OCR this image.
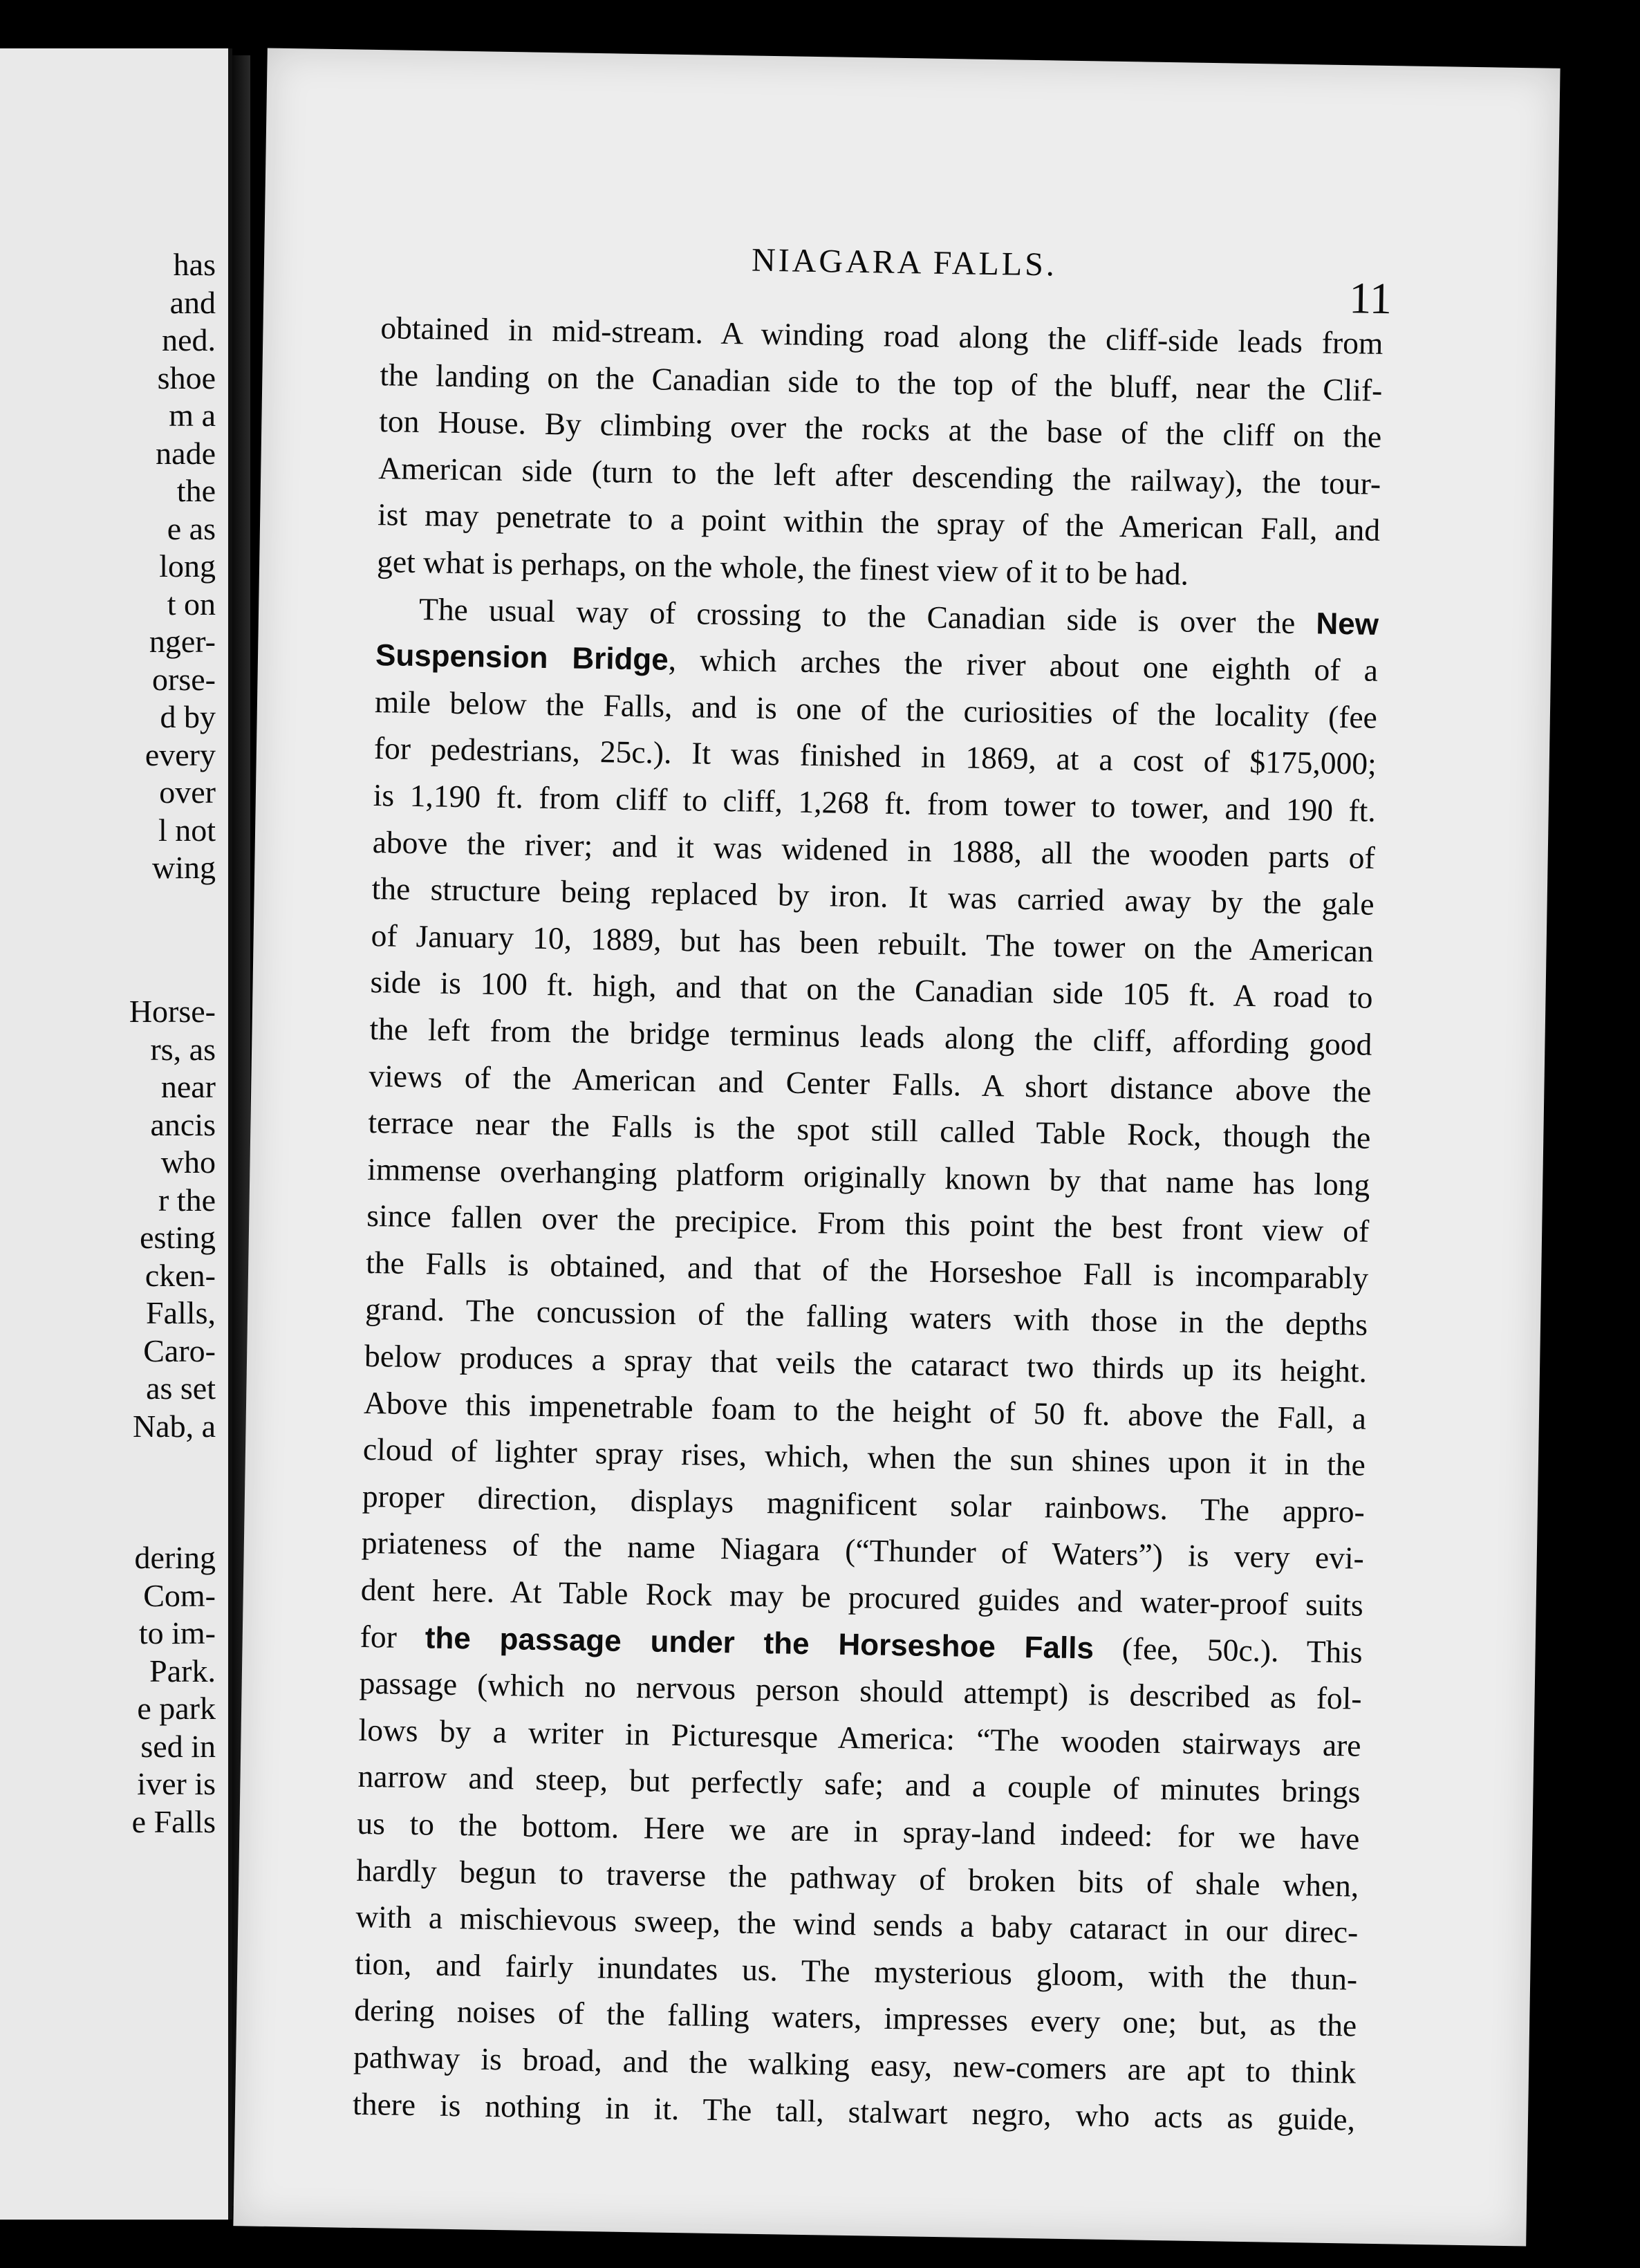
has
and
ned.
shoe
m a
nade
the
e as
long
t on
nger-
orse-
d by
every
over
l not
wing
Horse-
rs, as
near
ancis
who
r the
esting
cken-
Falls,
Caro-
as set
Nab, a
dering
Com-
to im-
Park.
e park
sed in
iver is
e Falls
NIAGARA FALLS.
11
obtained in mid-stream. A winding road along the cliff-side leads from
the landing on the Canadian side to the top of the bluff, near the Clif-
ton House. By climbing over the rocks at the base of the cliff on the
American side (turn to the left after descending the railway), the tour-
ist may penetrate to a point within the spray of the American Fall, and
get what is perhaps, on the whole, the finest view of it to be had.
The usual way of crossing to the Canadian side is over the New
Suspension Bridge, which arches the river about one eighth of a
mile below the Falls, and is one of the curiosities of the locality (fee
for pedestrians, 25c.). It was finished in 1869, at a cost of $175,000;
is 1,190 ft. from cliff to cliff, 1,268 ft. from tower to tower, and 190 ft.
above the river; and it was widened in 1888, all the wooden parts of
the structure being replaced by iron. It was carried away by the gale
of January 10, 1889, but has been rebuilt. The tower on the American
side is 100 ft. high, and that on the Canadian side 105 ft. A road to
the left from the bridge terminus leads along the cliff, affording good
views of the American and Center Falls. A short distance above the
terrace near the Falls is the spot still called Table Rock, though the
immense overhanging platform originally known by that name has long
since fallen over the precipice. From this point the best front view of
the Falls is obtained, and that of the Horseshoe Fall is incomparably
grand. The concussion of the falling waters with those in the depths
below produces a spray that veils the cataract two thirds up its height.
Above this impenetrable foam to the height of 50 ft. above the Fall, a
cloud of lighter spray rises, which, when the sun shines upon it in the
proper direction, displays magnificent solar rainbows. The appro-
priateness of the name Niagara (“Thunder of Waters”) is very evi-
dent here. At Table Rock may be procured guides and water-proof suits
for the passage under the Horseshoe Falls (fee, 50c.). This
passage (which no nervous person should attempt) is described as fol-
lows by a writer in Picturesque America: “The wooden stairways are
narrow and steep, but perfectly safe; and a couple of minutes brings
us to the bottom. Here we are in spray-land indeed: for we have
hardly begun to traverse the pathway of broken bits of shale when,
with a mischievous sweep, the wind sends a baby cataract in our direc-
tion, and fairly inundates us. The mysterious gloom, with the thun-
dering noises of the falling waters, impresses every one; but, as the
pathway is broad, and the walking easy, new-comers are apt to think
there is nothing in it. The tall, stalwart negro, who acts as guide,
